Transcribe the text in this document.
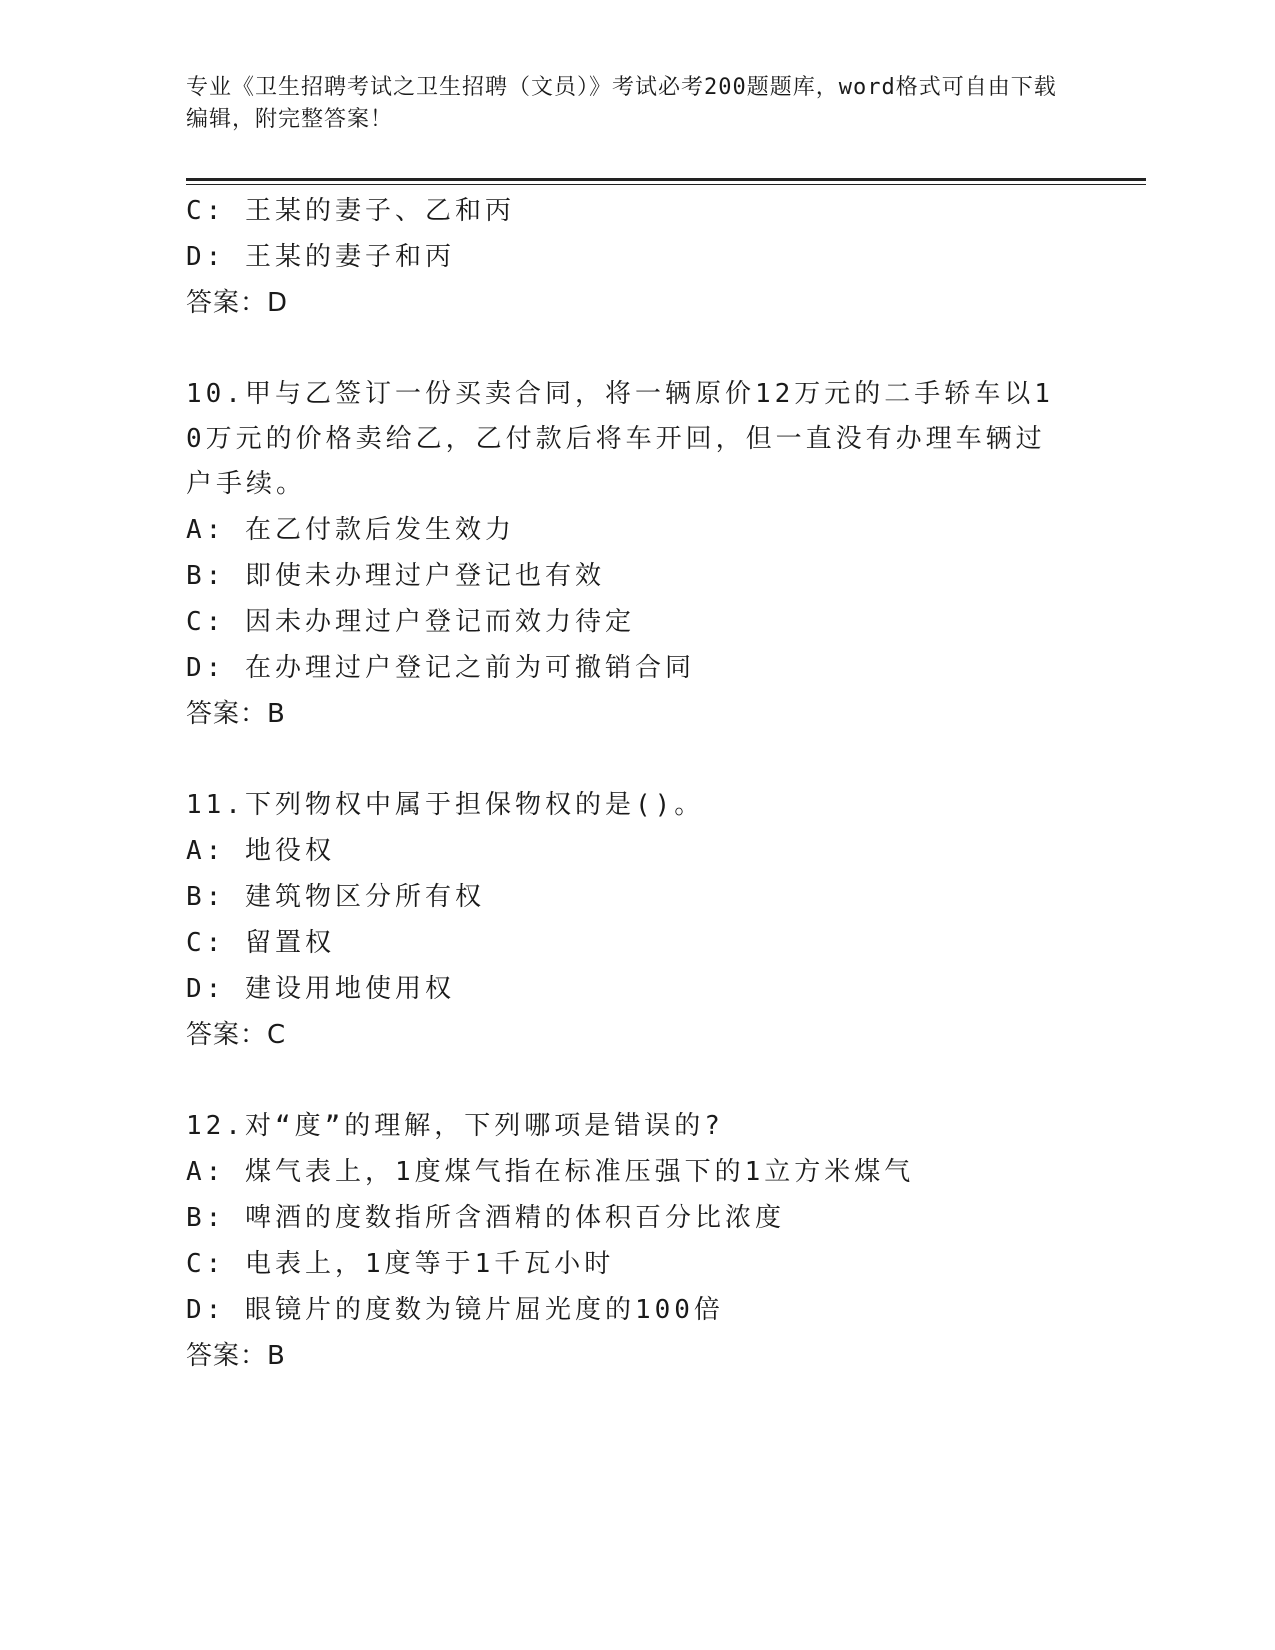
专业《卫生招聘考试之卫生招聘（文员）》考试必考200题题库，word格式可自由下载编辑，附完整答案！
C: 王某的妻子、乙和丙
D: 王某的妻子和丙
答案：D
10.甲与乙签订一份买卖合同，将一辆原价12万元的二手轿车以10万元的价格卖给乙，乙付款后将车开回，但一直没有办理车辆过户手续。
A: 在乙付款后发生效力
B: 即使未办理过户登记也有效
C: 因未办理过户登记而效力待定
D: 在办理过户登记之前为可撤销合同
答案：B
11.下列物权中属于担保物权的是()。
A: 地役权
B: 建筑物区分所有权
C: 留置权
D: 建设用地使用权
答案：C
12.对“度”的理解，下列哪项是错误的?
A: 煤气表上，1度煤气指在标准压强下的1立方米煤气
B: 啤酒的度数指所含酒精的体积百分比浓度
C: 电表上，1度等于1千瓦小时
D: 眼镜片的度数为镜片屈光度的100倍
答案：B
